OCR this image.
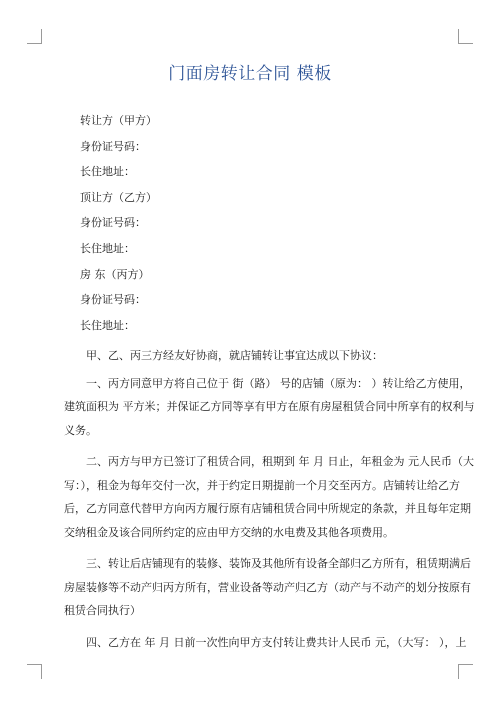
门面房转让合同 模板
转让方（甲方）
身份证号码：
长住地址：
顶让方（乙方）
身份证号码：
长住地址：
房 东（丙方）
身份证号码：
长住地址：
甲、乙、丙三方经友好协商，就店铺转让事宜达成以下协议：
一、丙方同意甲方将自己位于 街（路） 号的店铺（原为： ）转让给乙方使用，
建筑面积为 平方米；并保证乙方同等享有甲方在原有房屋租赁合同中所享有的权利与
义务。
二、丙方与甲方已签订了租赁合同，租期到 年 月 日止，年租金为 元人民币（大
写：），租金为每年交付一次，并于约定日期提前一个月交至丙方。店铺转让给乙方
后，乙方同意代替甲方向丙方履行原有店铺租赁合同中所规定的条款，并且每年定期
交纳租金及该合同所约定的应由甲方交纳的水电费及其他各项费用。
三、转让后店铺现有的装修、装饰及其他所有设备全部归乙方所有，租赁期满后
房屋装修等不动产归丙方所有，营业设备等动产归乙方（动产与不动产的划分按原有
租赁合同执行）
四、乙方在 年 月 日前一次性向甲方支付转让费共计人民币 元，（大写： ），上
